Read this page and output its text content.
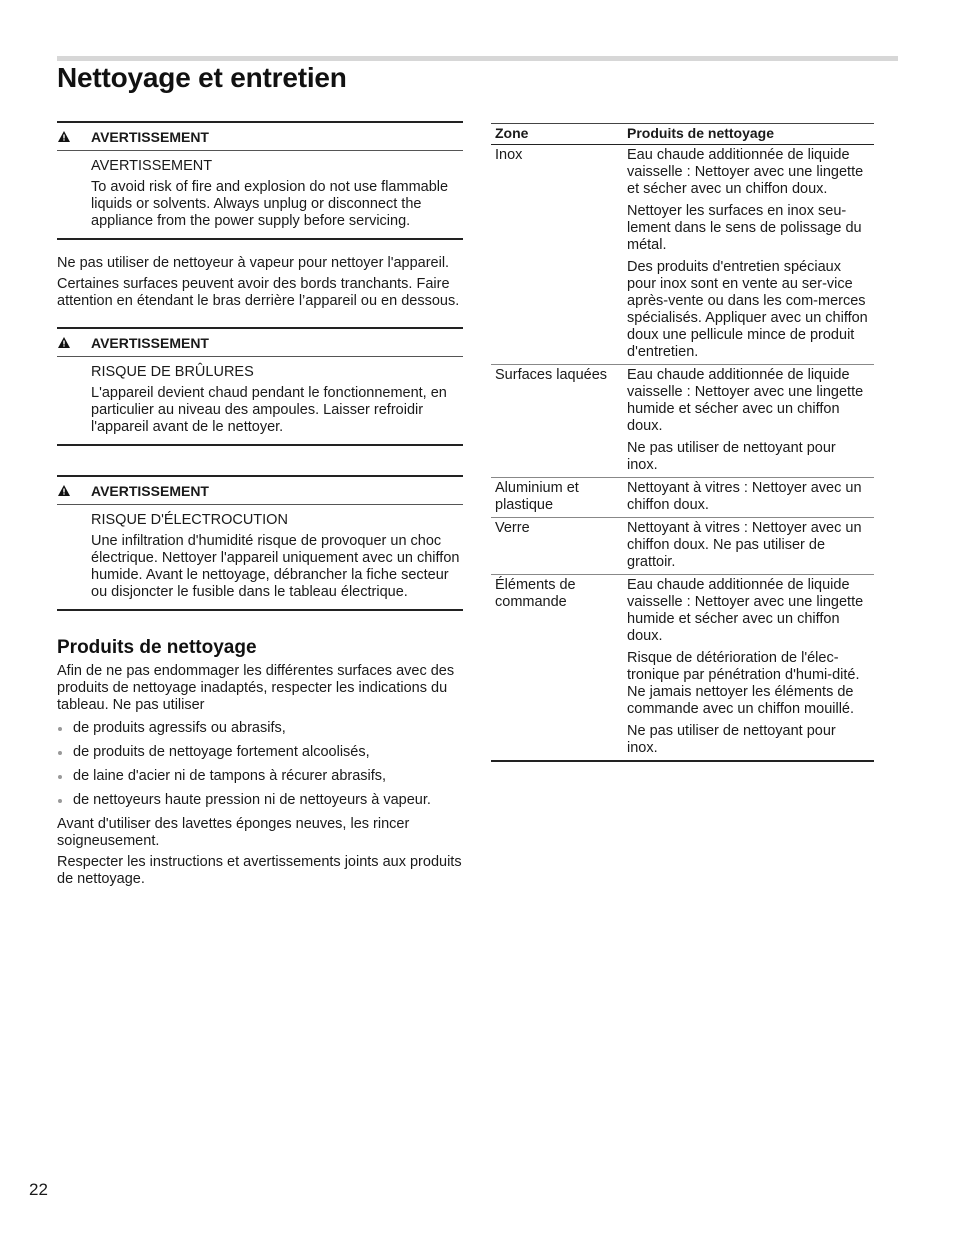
Nettoyage et entretien
AVERTISSEMENT

AVERTISSEMENT

To avoid risk of fire and explosion do not use flammable liquids or solvents. Always unplug or disconnect the appliance from the power supply before servicing.

Ne pas utiliser de nettoyeur à vapeur pour nettoyer l'appareil.

Certaines surfaces peuvent avoir des bords tranchants. Faire attention en étendant le bras derrière l’appareil ou en dessous.

AVERTISSEMENT

RISQUE DE BRÛLURES

L'appareil devient chaud pendant le fonctionnement, en particulier au niveau des ampoules. Laisser refroidir l'appareil avant de le nettoyer.

AVERTISSEMENT

RISQUE D'ÉLECTROCUTION

Une infiltration d'humidité risque de provoquer un choc électrique. Nettoyer l'appareil uniquement avec un chiffon humide. Avant le nettoyage, débrancher la fiche secteur ou disjoncter le fusible dans le tableau électrique.

Produits de nettoyage

Afin de ne pas endommager les différentes surfaces avec des produits de nettoyage inadaptés, respecter les indications du tableau. Ne pas utiliser

de produits agressifs ou abrasifs,
de produits de nettoyage fortement alcoolisés,
de laine d'acier ni de tampons à récurer abrasifs,
de nettoyeurs haute pression ni de nettoyeurs à vapeur.

Avant d'utiliser des lavettes éponges neuves, les rincer soigneusement.

Respecter les instructions et avertissements joints aux produits de nettoyage.

Zone	Produits de nettoyage
Inox	Eau chaude additionnée de liquide vaisselle : Nettoyer avec une lingette et sécher avec un chiffon doux.

Nettoyer les surfaces en inox seu-lement dans le sens de polissage du métal.

Des produits d'entretien spéciaux pour inox sont en vente au ser-vice après-vente ou dans les com-merces spécialisés. Appliquer avec un chiffon doux une pellicule mince de produit d'entretien.

Surfaces laquées	Eau chaude additionnée de liquide vaisselle : Nettoyer avec une lingette humide et sécher avec un chiffon doux.

Ne pas utiliser de nettoyant pour inox.

Aluminium et plastique	Nettoyant à vitres : Nettoyer avec un chiffon doux.

Verre	Nettoyant à vitres : Nettoyer avec un chiffon doux. Ne pas utiliser de grattoir.

Éléments de commande	Eau chaude additionnée de liquide vaisselle : Nettoyer avec une lingette humide et sécher avec un chiffon doux.

Risque de détérioration de l'élec-tronique par pénétration d'humi-dité. Ne jamais nettoyer les éléments de commande avec un chiffon mouillé.

Ne pas utiliser de nettoyant pour inox.

22
